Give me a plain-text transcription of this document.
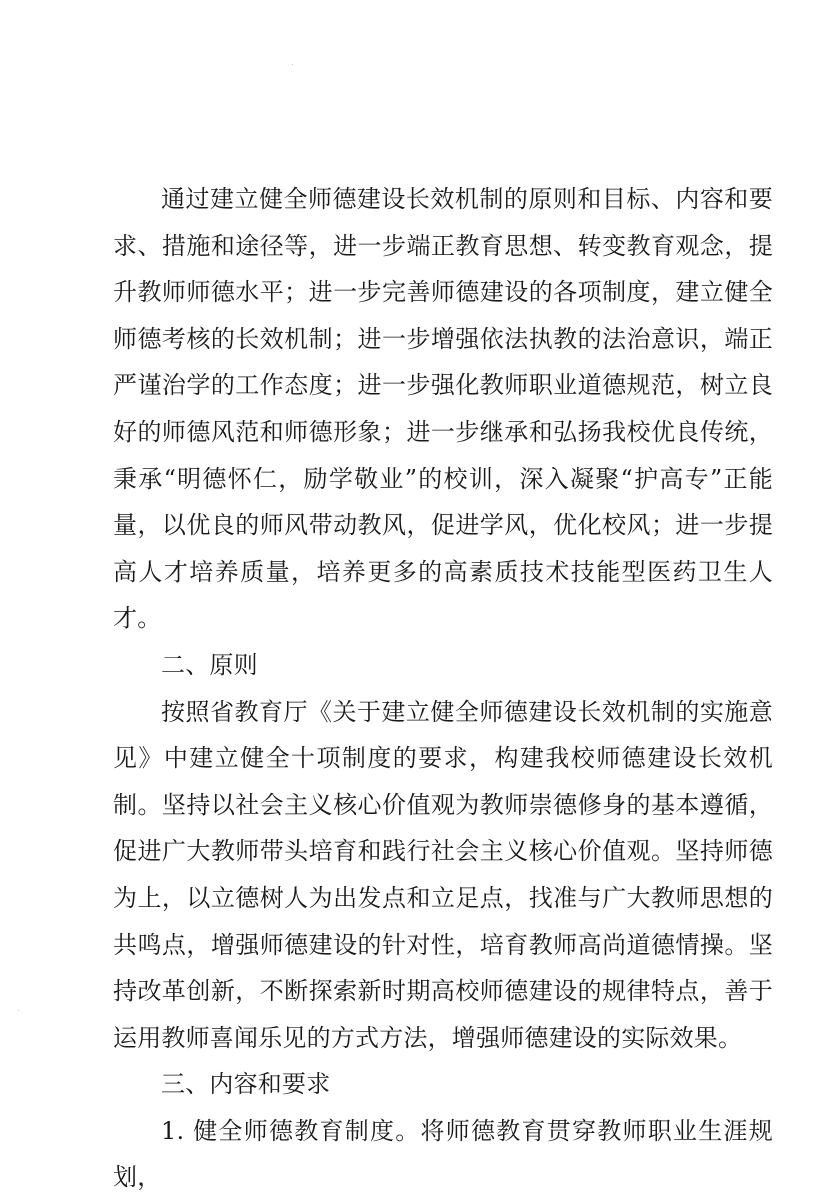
通过建立健全师德建设长效机制的原则和目标、内容和要求、措施和途径等，进一步端正教育思想、转变教育观念，提升教师师德水平；进一步完善师德建设的各项制度，建立健全师德考核的长效机制；进一步增强依法执教的法治意识，端正严谨治学的工作态度；进一步强化教师职业道德规范，树立良好的师德风范和师德形象；进一步继承和弘扬我校优良传统，秉承“明德怀仁，励学敬业”的校训，深入凝聚“护高专”正能量，以优良的师风带动教风，促进学风，优化校风；进一步提高人才培养质量，培养更多的高素质技术技能型医药卫生人才。

二、原则

按照省教育厅《关于建立健全师德建设长效机制的实施意见》中建立健全十项制度的要求，构建我校师德建设长效机制。坚持以社会主义核心价值观为教师崇德修身的基本遵循，促进广大教师带头培育和践行社会主义核心价值观。坚持师德为上，以立德树人为出发点和立足点，找准与广大教师思想的共鸣点，增强师德建设的针对性，培育教师高尚道德情操。坚持改革创新，不断探索新时期高校师德建设的规律特点，善于运用教师喜闻乐见的方式方法，增强师德建设的实际效果。

三、内容和要求

1. 健全师德教育制度。将师德教育贯穿教师职业生涯规划，
